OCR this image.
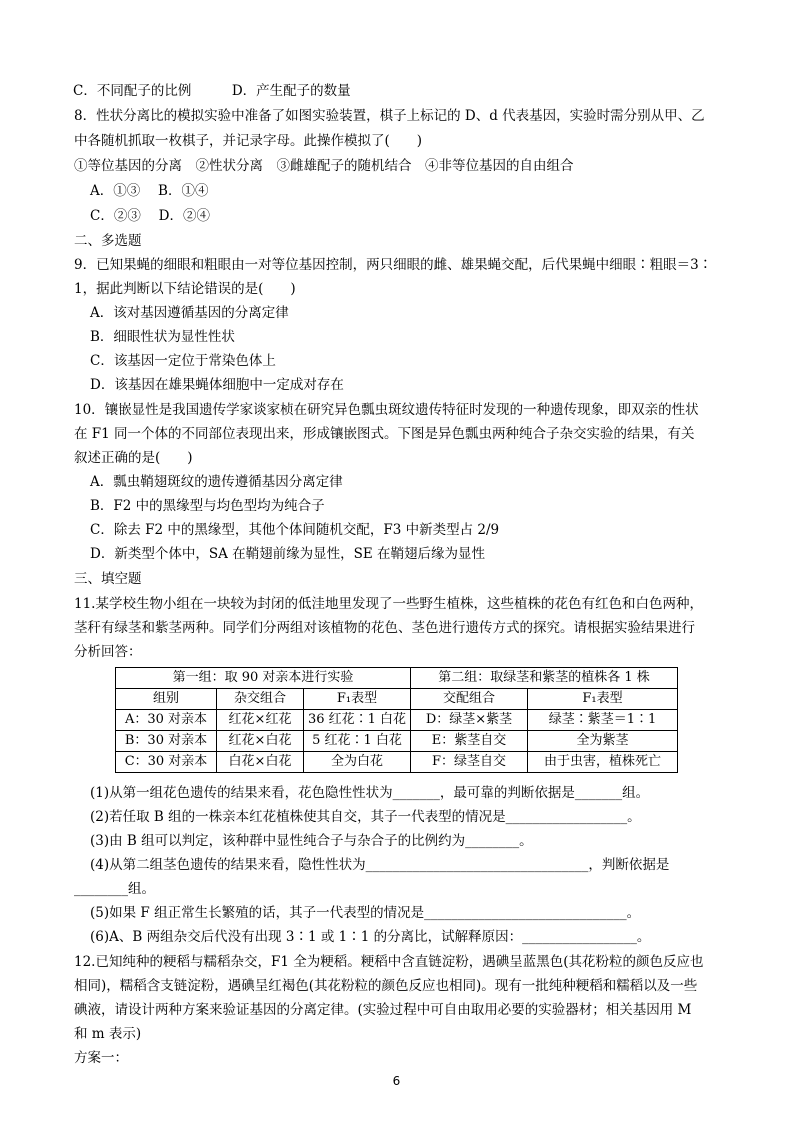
C．不同配子的比例　　　D．产生配子的数量
8．性状分离比的模拟实验中准备了如图实验装置，棋子上标记的 D、d 代表基因，实验时需分别从甲、乙
中各随机抓取一枚棋子，并记录字母。此操作模拟了(　　)
①等位基因的分离　②性状分离　③雌雄配子的随机结合　④非等位基因的自由组合
A．①③　 B．①④
C．②③　 D．②④
二、多选题
9．已知果蝇的细眼和粗眼由一对等位基因控制，两只细眼的雌、雄果蝇交配，后代果蝇中细眼∶粗眼＝3∶
1，据此判断以下结论错误的是(　　)
A．该对基因遵循基因的分离定律
B．细眼性状为显性性状
C．该基因一定位于常染色体上
D．该基因在雄果蝇体细胞中一定成对存在
10．镶嵌显性是我国遗传学家谈家桢在研究异色瓢虫斑纹遗传特征时发现的一种遗传现象，即双亲的性状
在 F1 同一个体的不同部位表现出来，形成镶嵌图式。下图是异色瓢虫两种纯合子杂交实验的结果，有关
叙述正确的是(　　)
A．瓢虫鞘翅斑纹的遗传遵循基因分离定律
B．F2 中的黑缘型与均色型均为纯合子
C．除去 F2 中的黑缘型，其他个体间随机交配，F3 中新类型占 2/9
D．新类型个体中，SA 在鞘翅前缘为显性，SE 在鞘翅后缘为显性
三、填空题
11.某学校生物小组在一块较为封闭的低洼地里发现了一些野生植株，这些植株的花色有红色和白色两种，
茎秆有绿茎和紫茎两种。同学们分两组对该植物的花色、茎色进行遗传方式的探究。请根据实验结果进行
分析回答：
第一组：取 90 对亲本进行实验			第二组：取绿茎和紫茎的植株各 1 株	
组别	杂交组合	F₁表型	交配组合	F₁表型
A：30 对亲本	红花×红花	36 红花∶1 白花	D：绿茎×紫茎	绿茎∶紫茎＝1∶1
B：30 对亲本	红花×白花	5 红花∶1 白花	E：紫茎自交	全为紫茎
C：30 对亲本	白花×白花	全为白花	F：绿茎自交	由于虫害，植株死亡
(1)从第一组花色遗传的结果来看，花色隐性性状为_______，最可靠的判断依据是_______组。
(2)若任取 B 组的一株亲本红花植株使其自交，其子一代表型的情况是__________________。
(3)由 B 组可以判定，该种群中显性纯合子与杂合子的比例约为________。
(4)从第二组茎色遗传的结果来看，隐性性状为_________________________________，判断依据是
________组。
(5)如果 F 组正常生长繁殖的话，其子一代表型的情况是______________________________。
(6)A、B 两组杂交后代没有出现 3∶1 或 1∶1 的分离比，试解释原因：_________________。
12.已知纯种的粳稻与糯稻杂交，F1 全为粳稻。粳稻中含直链淀粉，遇碘呈蓝黑色(其花粉粒的颜色反应也
相同)，糯稻含支链淀粉，遇碘呈红褐色(其花粉粒的颜色反应也相同)。现有一批纯种粳稻和糯稻以及一些
碘液，请设计两种方案来验证基因的分离定律。(实验过程中可自由取用必要的实验器材；相关基因用 M
和 m 表示)
方案一：
6
